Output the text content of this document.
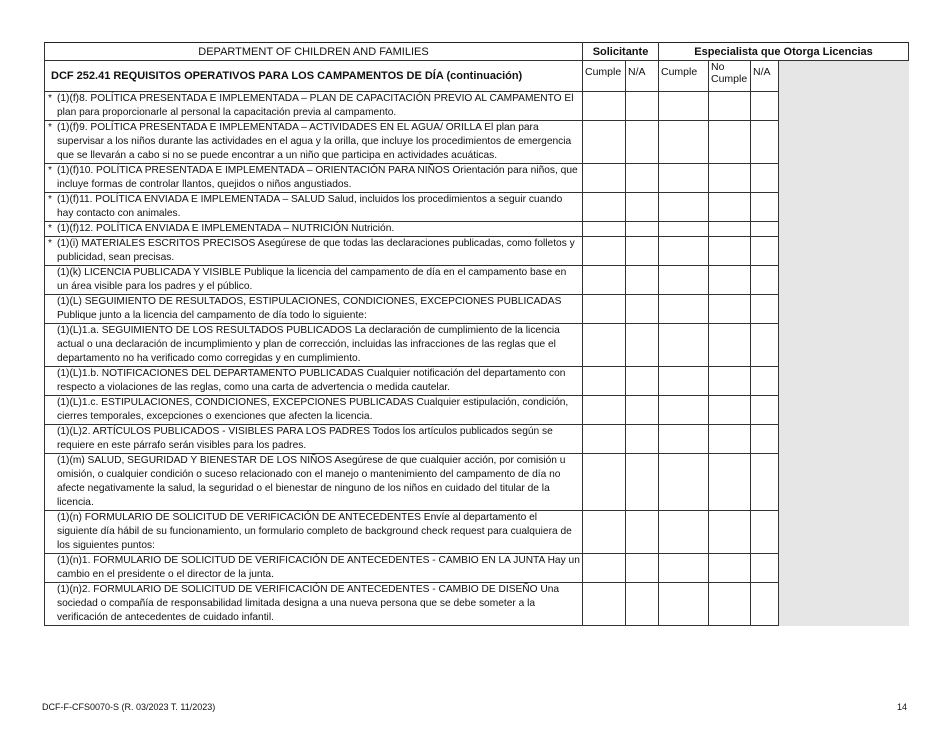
DEPARTMENT OF CHILDREN AND FAMILIES	Solicitante		Especialista que Otorga Licencias			
DCF 252.41 REQUISITOS OPERATIVOS PARA LOS CAMPAMENTOS DE DÍA (continuación)	Cumple	N/A	Cumple	No Cumple	N/A	

* (1)(f)8. POLÍTICA PRESENTADA E IMPLEMENTADA – PLAN DE CAPACITACIÓN PREVIO AL CAMPAMENTO El plan para proporcionarle al personal la capacitación previa al campamento.						

* (1)(f)9. POLÍTICA PRESENTADA E IMPLEMENTADA – ACTIVIDADES EN EL AGUA/ ORILLA El plan para supervisar a los niños durante las actividades en el agua y la orilla, que incluye los procedimientos de emergencia que se llevarán a cabo si no se puede encontrar a un niño que participa en actividades acuáticas.						

* (1)(f)10. POLÍTICA PRESENTADA E IMPLEMENTADA – ORIENTACIÓN PARA NIÑOS Orientación para niños, que incluye formas de controlar llantos, quejidos o niños angustiados.						

* (1)(f)11. POLÍTICA ENVIADA E IMPLEMENTADA – SALUD Salud, incluidos los procedimientos a seguir cuando hay contacto con animales.						

* (1)(f)12. POLÍTICA ENVIADA E IMPLEMENTADA – NUTRICIÓN Nutrición.						

* (1)(i) MATERIALES ESCRITOS PRECISOS Asegúrese de que todas las declaraciones publicadas, como folletos y publicidad, sean precisas.						

(1)(k) LICENCIA PUBLICADA Y VISIBLE Publique la licencia del campamento de día en el campamento base en un área visible para los padres y el público.						

(1)(L) SEGUIMIENTO DE RESULTADOS, ESTIPULACIONES, CONDICIONES, EXCEPCIONES PUBLICADAS Publique junto a la licencia del campamento de día todo lo siguiente:						

(1)(L)1.a. SEGUIMIENTO DE LOS RESULTADOS PUBLICADOS La declaración de cumplimiento de la licencia actual o una declaración de incumplimiento y plan de corrección, incluidas las infracciones de las reglas que el departamento no ha verificado como corregidas y en cumplimiento.						

(1)(L)1.b. NOTIFICACIONES DEL DEPARTAMENTO PUBLICADAS Cualquier notificación del departamento con respecto a violaciones de las reglas, como una carta de advertencia o medida cautelar.						

(1)(L)1.c. ESTIPULACIONES, CONDICIONES, EXCEPCIONES PUBLICADAS Cualquier estipulación, condición, cierres temporales, excepciones o exenciones que afecten la licencia.						

(1)(L)2. ARTÍCULOS PUBLICADOS - VISIBLES PARA LOS PADRES Todos los artículos publicados según se requiere en este párrafo serán visibles para los padres.						

(1)(m) SALUD, SEGURIDAD Y BIENESTAR DE LOS NIÑOS Asegúrese de que cualquier acción, por comisión u omisión, o cualquier condición o suceso relacionado con el manejo o mantenimiento del campamento de día no afecte negativamente la salud, la seguridad o el bienestar de ninguno de los niños en cuidado del titular de la licencia.						

(1)(n) FORMULARIO DE SOLICITUD DE VERIFICACIÓN DE ANTECEDENTES Envíe al departamento el siguiente día hábil de su funcionamiento, un formulario completo de background check request para cualquiera de los siguientes puntos:						

(1)(n)1. FORMULARIO DE SOLICITUD DE VERIFICACIÓN DE ANTECEDENTES - CAMBIO EN LA JUNTA Hay un cambio en el presidente o el director de la junta.						

(1)(n)2. FORMULARIO DE SOLICITUD DE VERIFICACIÓN DE ANTECEDENTES - CAMBIO DE DISEÑO Una sociedad o compañía de responsabilidad limitada designa a una nueva persona que se debe someter a la verificación de antecedentes de cuidado infantil.						
DCF-F-CFS0070-S (R. 03/2023 T. 11/2023)	14
